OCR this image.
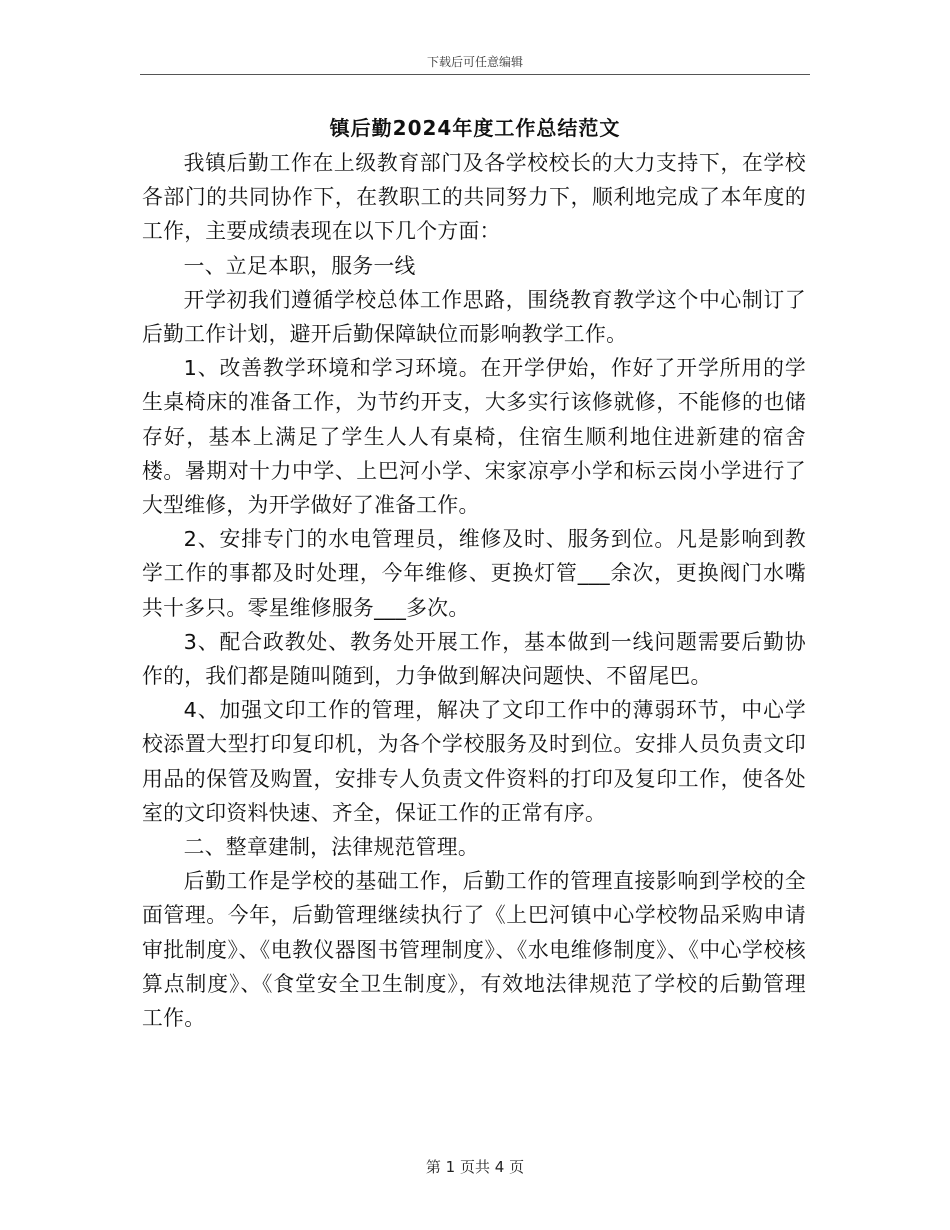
下载后可任意编辑
镇后勤2024年度工作总结范文

我镇后勤工作在上级教育部门及各学校校长的大力支持下，在学校各部门的共同协作下，在教职工的共同努力下，顺利地完成了本年度的工作，主要成绩表现在以下几个方面：

一、立足本职，服务一线

开学初我们遵循学校总体工作思路，围绕教育教学这个中心制订了后勤工作计划，避开后勤保障缺位而影响教学工作。

1、改善教学环境和学习环境。在开学伊始，作好了开学所用的学生桌椅床的准备工作，为节约开支，大多实行该修就修，不能修的也储存好，基本上满足了学生人人有桌椅，住宿生顺利地住进新建的宿舍楼。暑期对十力中学、上巴河小学、宋家凉亭小学和标云岗小学进行了大型维修，为开学做好了准备工作。

2、安排专门的水电管理员，维修及时、服务到位。凡是影响到教学工作的事都及时处理，今年维修、更换灯管___余次，更换阀门水嘴共十多只。零星维修服务___多次。

3、配合政教处、教务处开展工作，基本做到一线问题需要后勤协作的，我们都是随叫随到，力争做到解决问题快、不留尾巴。

4、加强文印工作的管理，解决了文印工作中的薄弱环节，中心学校添置大型打印复印机，为各个学校服务及时到位。安排人员负责文印用品的保管及购置，安排专人负责文件资料的打印及复印工作，使各处室的文印资料快速、齐全，保证工作的正常有序。

二、整章建制，法律规范管理。

后勤工作是学校的基础工作，后勤工作的管理直接影响到学校的全面管理。今年，后勤管理继续执行了《上巴河镇中心学校物品采购申请审批制度》、《电教仪器图书管理制度》、《水电维修制度》、《中心学校核算点制度》、《食堂安全卫生制度》，有效地法律规范了学校的后勤管理工作。

第 1 页共 4 页
